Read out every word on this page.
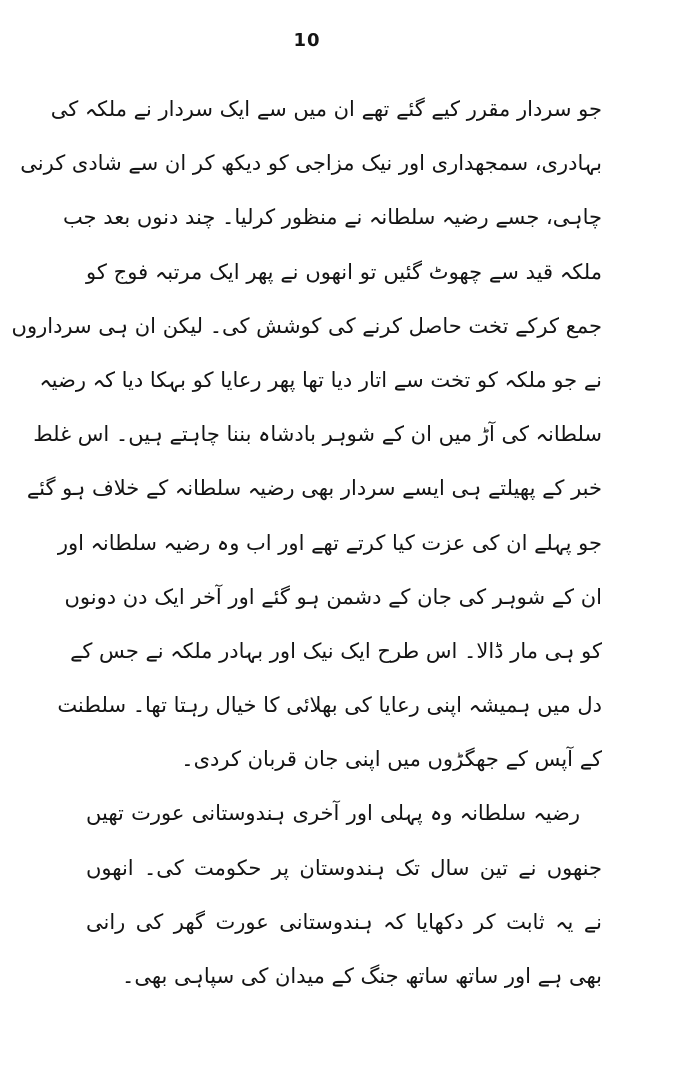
10
جو سردار مقرر کیے گئے تھے ان میں سے ایک سردار نے ملکہ کی
بہادری، سمجھداری اور نیک مزاجی کو دیکھ کر ان سے شادی کرنی
چاہی، جسے رضیہ سلطانہ نے منظور کرلیا۔ چند دنوں بعد جب
ملکہ قید سے چھوٹ گئیں تو انھوں نے پھر ایک مرتبہ فوج کو
جمع کرکے تخت حاصل کرنے کی کوشش کی۔ لیکن ان ہی سرداروں
نے جو ملکہ کو تخت سے اتار دیا تھا پھر رعایا کو بہکا دیا کہ رضیہ
سلطانہ کی آڑ میں ان کے شوہر بادشاہ بننا چاہتے ہیں۔ اس غلط
خبر کے پھیلتے ہی ایسے سردار بھی رضیہ سلطانہ کے خلاف ہو گئے
جو پہلے ان کی عزت کیا کرتے تھے اور اب وہ رضیہ سلطانہ اور
ان کے شوہر کی جان کے دشمن ہو گئے اور آخر ایک دن دونوں
کو ہی مار ڈالا۔ اس طرح ایک نیک اور بہادر ملکہ نے جس کے
دل میں ہمیشہ اپنی رعایا کی بھلائی کا خیال رہتا تھا۔ سلطنت
کے آپس کے جھگڑوں میں اپنی جان قربان کردی۔
رضیہ سلطانہ وہ پہلی اور آخری ہندوستانی عورت تھیں
جنھوں نے تین سال تک ہندوستان پر حکومت کی۔ انھوں
نے یہ ثابت کر دکھایا کہ ہندوستانی عورت گھر کی رانی
بھی ہے اور ساتھ ساتھ جنگ کے میدان کی سپاہی بھی۔
